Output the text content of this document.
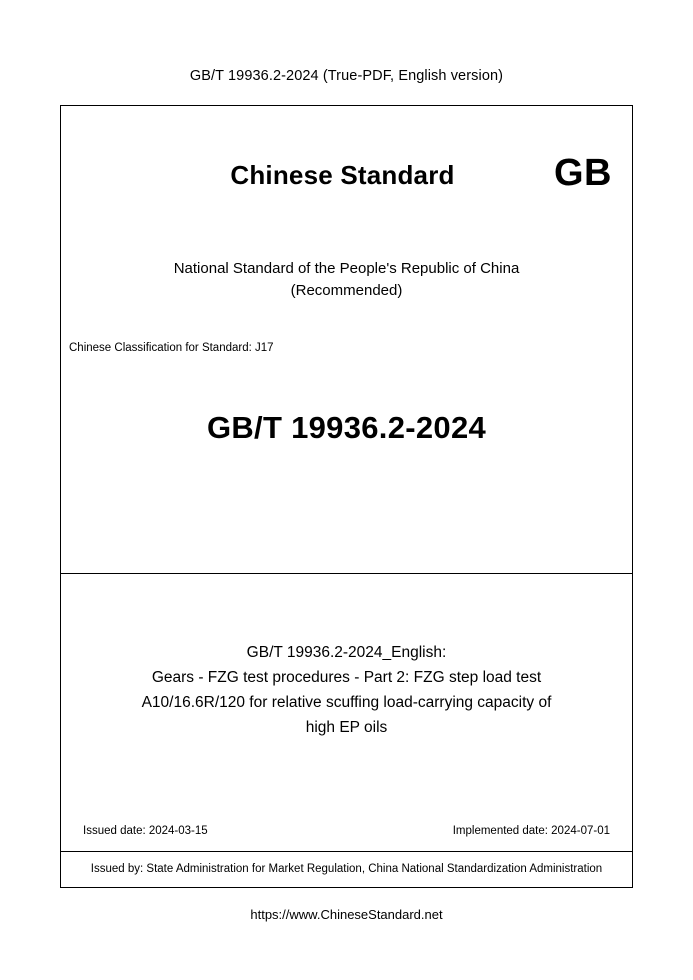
GB/T 19936.2-2024 (True-PDF, English version)
Chinese Standard	GB
National Standard of the People's Republic of China
(Recommended)
Chinese Classification for Standard: J17
GB/T 19936.2-2024
GB/T 19936.2-2024_English:
Gears - FZG test procedures - Part 2: FZG step load test
A10/16.6R/120 for relative scuffing load-carrying capacity of
high EP oils
Issued date: 2024-03-15	Implemented date: 2024-07-01
Issued by: State Administration for Market Regulation, China National Standardization Administration
https://www.ChineseStandard.net
